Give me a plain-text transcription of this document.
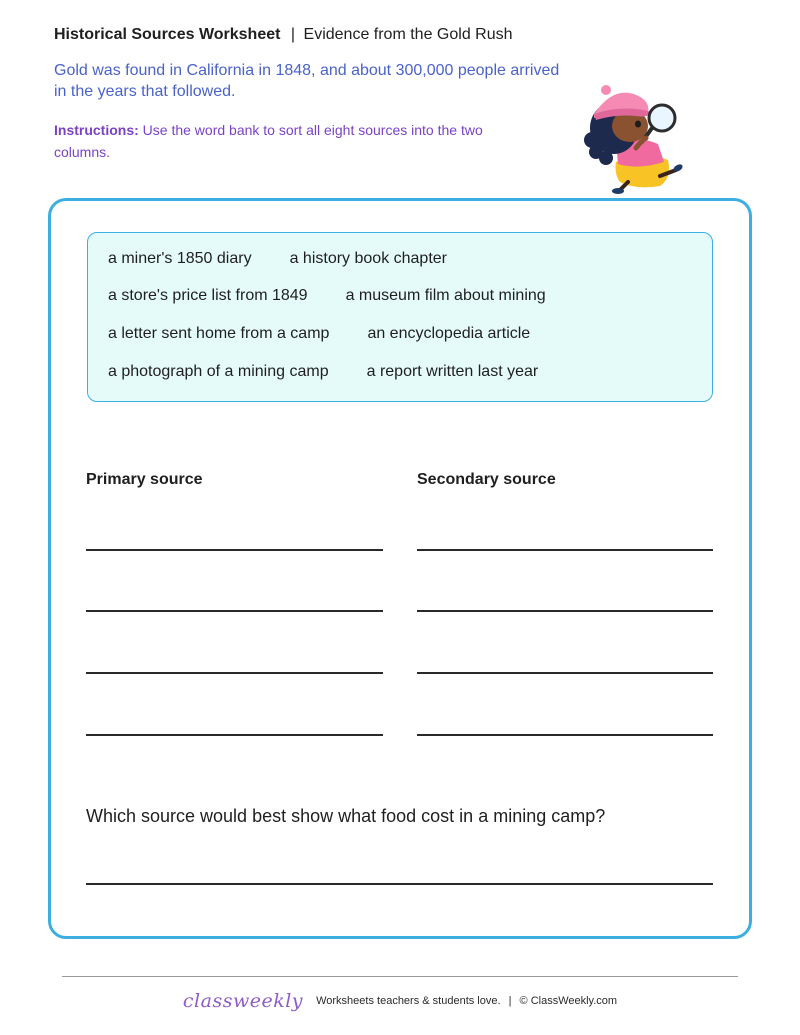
Historical Sources Worksheet | Evidence from the Gold Rush

Gold was found in California in 1848, and about 300,000 people arrived in the years that followed.

Instructions: Use the word bank to sort all eight sources into the two columns.

a miner's 1850 diary a history book chapter
a store's price list from 1849 a museum film about mining
a letter sent home from a camp an encyclopedia article
a photograph of a mining camp a report written last year
Primary source	Secondary source
Which source would best show what food cost in a mining camp?
classweekly Worksheets teachers & students love. | © ClassWeekly.com
